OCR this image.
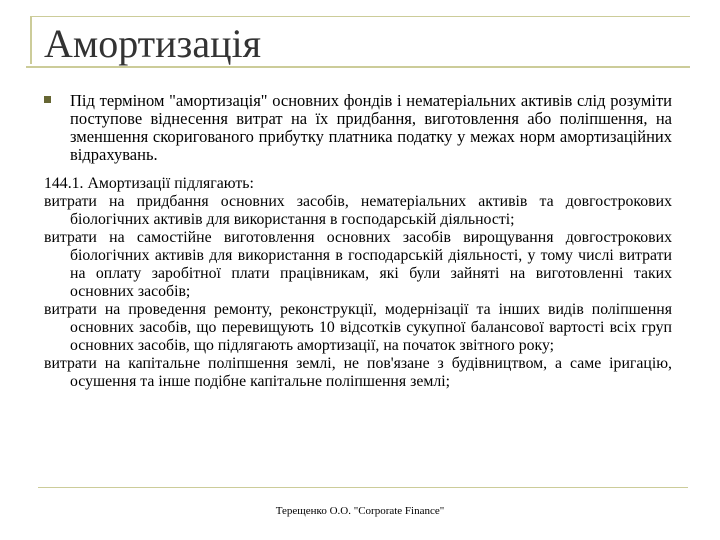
Амортизація
Під терміном "амортизація" основних фондів і нематеріальних активів слід розуміти поступове віднесення витрат на їх придбання, виготовлення або поліпшення, на зменшення скоригованого прибутку платника податку у межах норм амортизаційних відрахувань.

144.1. Амортизації підлягають:

витрати на придбання основних засобів, нематеріальних активів та довгострокових біологічних активів для використання в господарській діяльності;

витрати на самостійне виготовлення основних засобів вирощування довгострокових біологічних активів для використання в господарській діяльності, у тому числі витрати на оплату заробітної плати працівникам, які були зайняті на виготовленні таких основних засобів;

витрати на проведення ремонту, реконструкції, модернізації та інших видів поліпшення основних засобів, що перевищують 10 відсотків сукупної балансової вартості всіх груп основних засобів, що підлягають амортизації, на початок звітного року;

витрати на капітальне поліпшення землі, не пов'язане з будівництвом, а саме іригацію, осушення та інше подібне капітальне поліпшення землі;

Терещенко О.О. "Corporate Finance"
